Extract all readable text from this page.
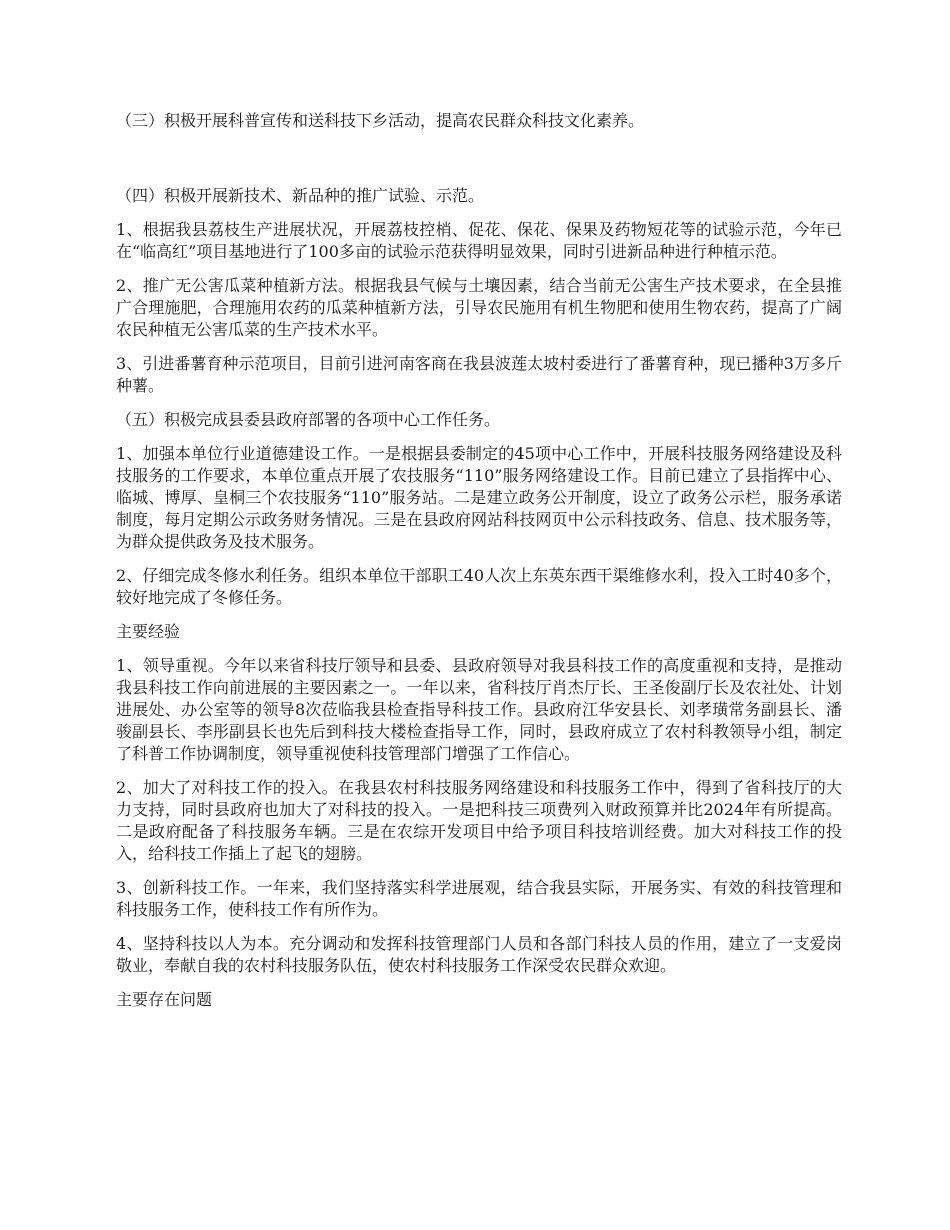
（三）积极开展科普宣传和送科技下乡活动，提高农民群众科技文化素养。

（四）积极开展新技术、新品种的推广试验、示范。

1、根据我县荔枝生产进展状况，开展荔枝控梢、促花、保花、保果及药物短花等的试验示范，今年已在“临高红”项目基地进行了100多亩的试验示范获得明显效果，同时引进新品种进行种植示范。

2、推广无公害瓜菜种植新方法。根据我县气候与土壤因素，结合当前无公害生产技术要求，在全县推广合理施肥，合理施用农药的瓜菜种植新方法，引导农民施用有机生物肥和使用生物农药，提高了广阔农民种植无公害瓜菜的生产技术水平。

3、引进番薯育种示范项目，目前引进河南客商在我县波莲太坡村委进行了番薯育种，现已播种3万多斤种薯。

（五）积极完成县委县政府部署的各项中心工作任务。

1、加强本单位行业道德建设工作。一是根据县委制定的45项中心工作中，开展科技服务网络建设及科技服务的工作要求，本单位重点开展了农技服务“110”服务网络建设工作。目前已建立了县指挥中心、临城、博厚、皇桐三个农技服务“110”服务站。二是建立政务公开制度，设立了政务公示栏，服务承诺制度，每月定期公示政务财务情况。三是在县政府网站科技网页中公示科技政务、信息、技术服务等，为群众提供政务及技术服务。

2、仔细完成冬修水利任务。组织本单位干部职工40人次上东英东西干渠维修水利，投入工时40多个，较好地完成了冬修任务。

主要经验

1、领导重视。今年以来省科技厅领导和县委、县政府领导对我县科技工作的高度重视和支持，是推动我县科技工作向前进展的主要因素之一。一年以来，省科技厅肖杰厅长、王圣俊副厅长及农社处、计划进展处、办公室等的领导8次莅临我县检查指导科技工作。县政府江华安县长、刘孝璜常务副县长、潘骏副县长、李彤副县长也先后到科技大楼检查指导工作，同时，县政府成立了农村科教领导小组，制定了科普工作协调制度，领导重视使科技管理部门增强了工作信心。

2、加大了对科技工作的投入。在我县农村科技服务网络建设和科技服务工作中，得到了省科技厅的大力支持，同时县政府也加大了对科技的投入。一是把科技三项费列入财政预算并比2024年有所提高。二是政府配备了科技服务车辆。三是在农综开发项目中给予项目科技培训经费。加大对科技工作的投入，给科技工作插上了起飞的翅膀。

3、创新科技工作。一年来，我们坚持落实科学进展观，结合我县实际，开展务实、有效的科技管理和科技服务工作，使科技工作有所作为。

4、坚持科技以人为本。充分调动和发挥科技管理部门人员和各部门科技人员的作用，建立了一支爱岗敬业，奉献自我的农村科技服务队伍，使农村科技服务工作深受农民群众欢迎。

主要存在问题
